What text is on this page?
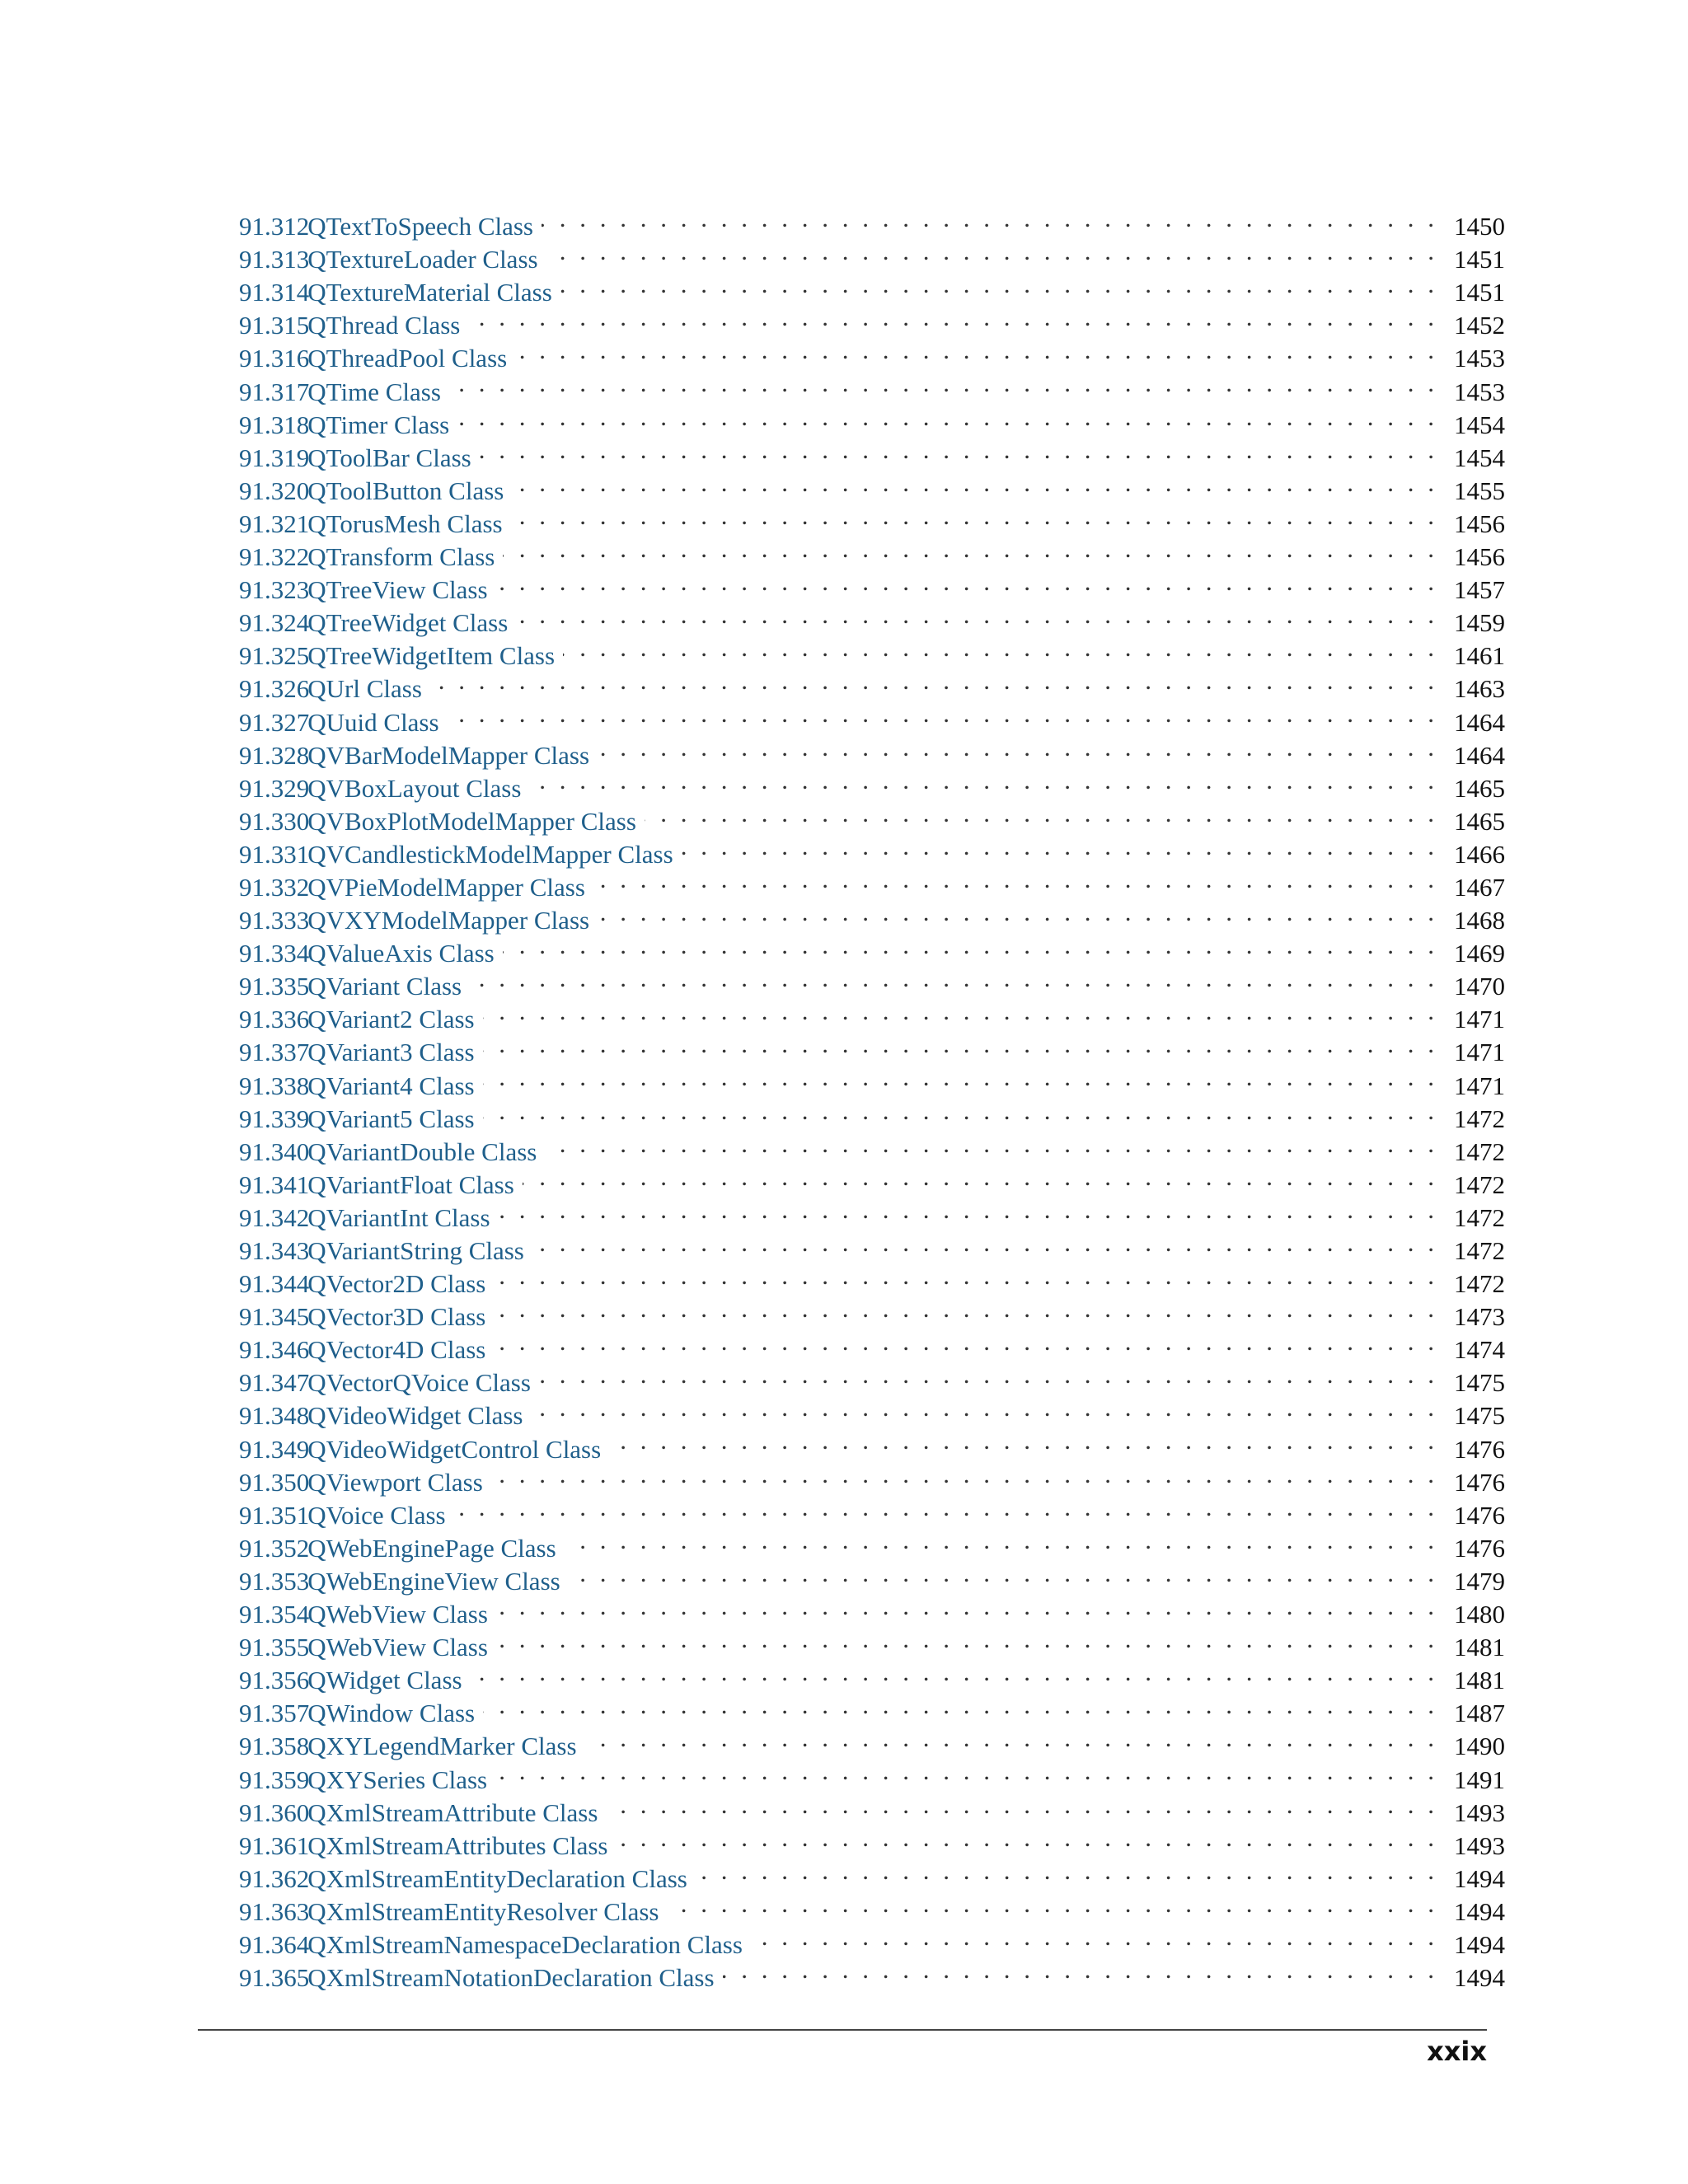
91.312QTextToSpeech Class . . .	1450
91.313QTextureLoader Class . . .	1451
91.314QTextureMaterial Class . . .	1451
91.315QThread Class . . .	1452
91.316QThreadPool Class . . .	1453
91.317QTime Class . . .	1453
91.318QTimer Class . . .	1454
91.319QToolBar Class . . .	1454
91.320QToolButton Class . . .	1455
91.321QTorusMesh Class . . .	1456
91.322QTransform Class . . .	1456
91.323QTreeView Class . . .	1457
91.324QTreeWidget Class . . .	1459
91.325QTreeWidgetItem Class . . .	1461
91.326QUrl Class . . .	1463
91.327QUuid Class . . .	1464
91.328QVBarModelMapper Class . . .	1464
91.329QVBoxLayout Class . . .	1465
91.330QVBoxPlotModelMapper Class . . .	1465
91.331QVCandlestickModelMapper Class . . .	1466
91.332QVPieModelMapper Class . . .	1467
91.333QVXYModelMapper Class . . .	1468
91.334QValueAxis Class . . .	1469
91.335QVariant Class . . .	1470
91.336QVariant2 Class . . .	1471
91.337QVariant3 Class . . .	1471
91.338QVariant4 Class . . .	1471
91.339QVariant5 Class . . .	1472
91.340QVariantDouble Class . . .	1472
91.341QVariantFloat Class . . .	1472
91.342QVariantInt Class . . .	1472
91.343QVariantString Class . . .	1472
91.344QVector2D Class . . .	1472
91.345QVector3D Class . . .	1473
91.346QVector4D Class . . .	1474
91.347QVectorQVoice Class . . .	1475
91.348QVideoWidget Class . . .	1475
91.349QVideoWidgetControl Class . . .	1476
91.350QViewport Class . . .	1476
91.351QVoice Class . . .	1476
91.352QWebEnginePage Class . . .	1476
91.353QWebEngineView Class . . .	1479
91.354QWebView Class . . .	1480
91.355QWebView Class . . .	1481
91.356QWidget Class . . .	1481
91.357QWindow Class . . .	1487
91.358QXYLegendMarker Class . . .	1490
91.359QXYSeries Class . . .	1491
91.360QXmlStreamAttribute Class . . .	1493
91.361QXmlStreamAttributes Class . . .	1493
91.362QXmlStreamEntityDeclaration Class . . .	1494
91.363QXmlStreamEntityResolver Class . . .	1494
91.364QXmlStreamNamespaceDeclaration Class . . .	1494
91.365QXmlStreamNotationDeclaration Class . . .	1494
xxix
